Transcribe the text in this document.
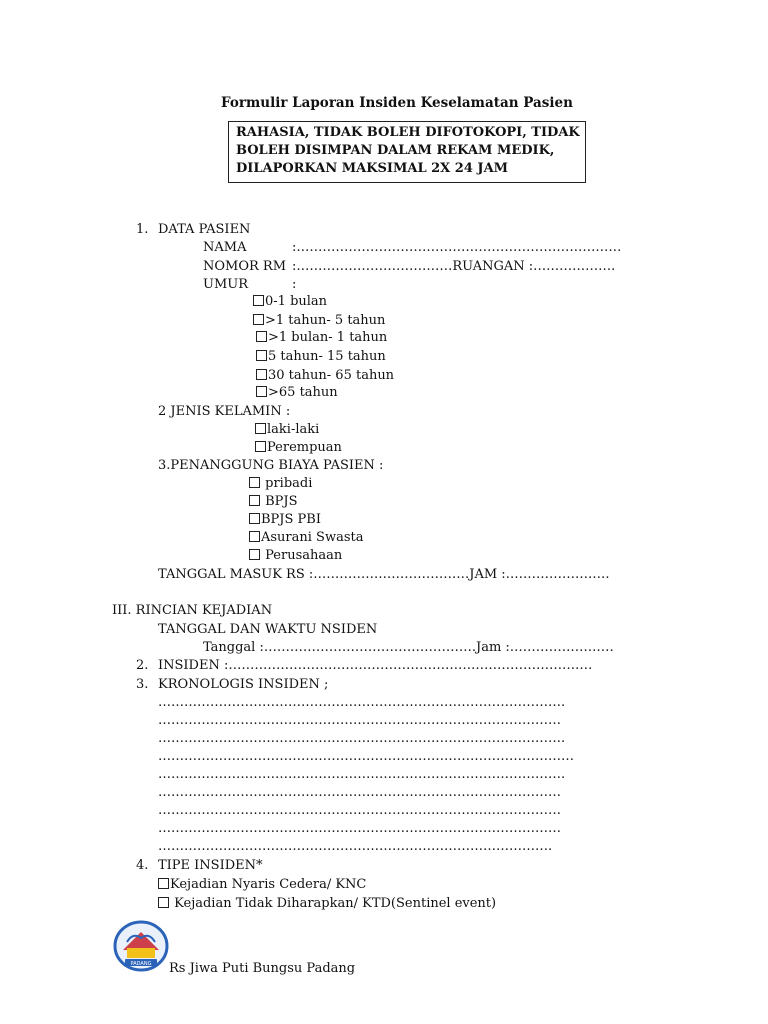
Formulir Laporan Insiden Keselamatan Pasien
RAHASIA, TIDAK BOLEH DIFOTOKOPI, TIDAK
BOLEH DISIMPAN DALAM REKAM MEDIK,
DILAPORKAN MAKSIMAL 2X 24 JAM
1. DATA PASIEN
NAMA	:…………………………………………………………………
NOMOR RM :………………………………RUANGAN :……………….
UMUR	:
0-1 bulan
>1 tahun- 5 tahun
>1 bulan- 1 tahun
5 tahun- 15 tahun
30 tahun- 65 tahun
>65 tahun
2 JENIS KELAMIN :
laki-laki
Perempuan
3.PENANGGUNG BIAYA PASIEN :
pribadi
BPJS
BPJS PBI
Asurani Swasta
Perusahaan
TANGGAL MASUK RS :………………………………JAM :……………………
III. RINCIAN KEJADIAN
TANGGAL DAN WAKTU NSIDEN
Tanggal :………………………………………….Jam :……………………
2. INSIDEN :…………………………………………………………………………
3. KRONOLOGIS INSIDEN ;
………………………………………………………………………………….
…………………………………………………………………………………
………………………………………………………………………………….
……………………………………………………………………………………
………………………………………………………………………………….
…………………………………………………………………………………
…………………………………………………………………………………
…………………………………………………………………………………
……………………………………………………………………………….
4. TIPE INSIDEN*
Kejadian Nyaris Cedera/ KNC
Kejadian Tidak Diharapkan/ KTD(Sentinel event)
PADANG Rs Jiwa Puti Bungsu Padang
